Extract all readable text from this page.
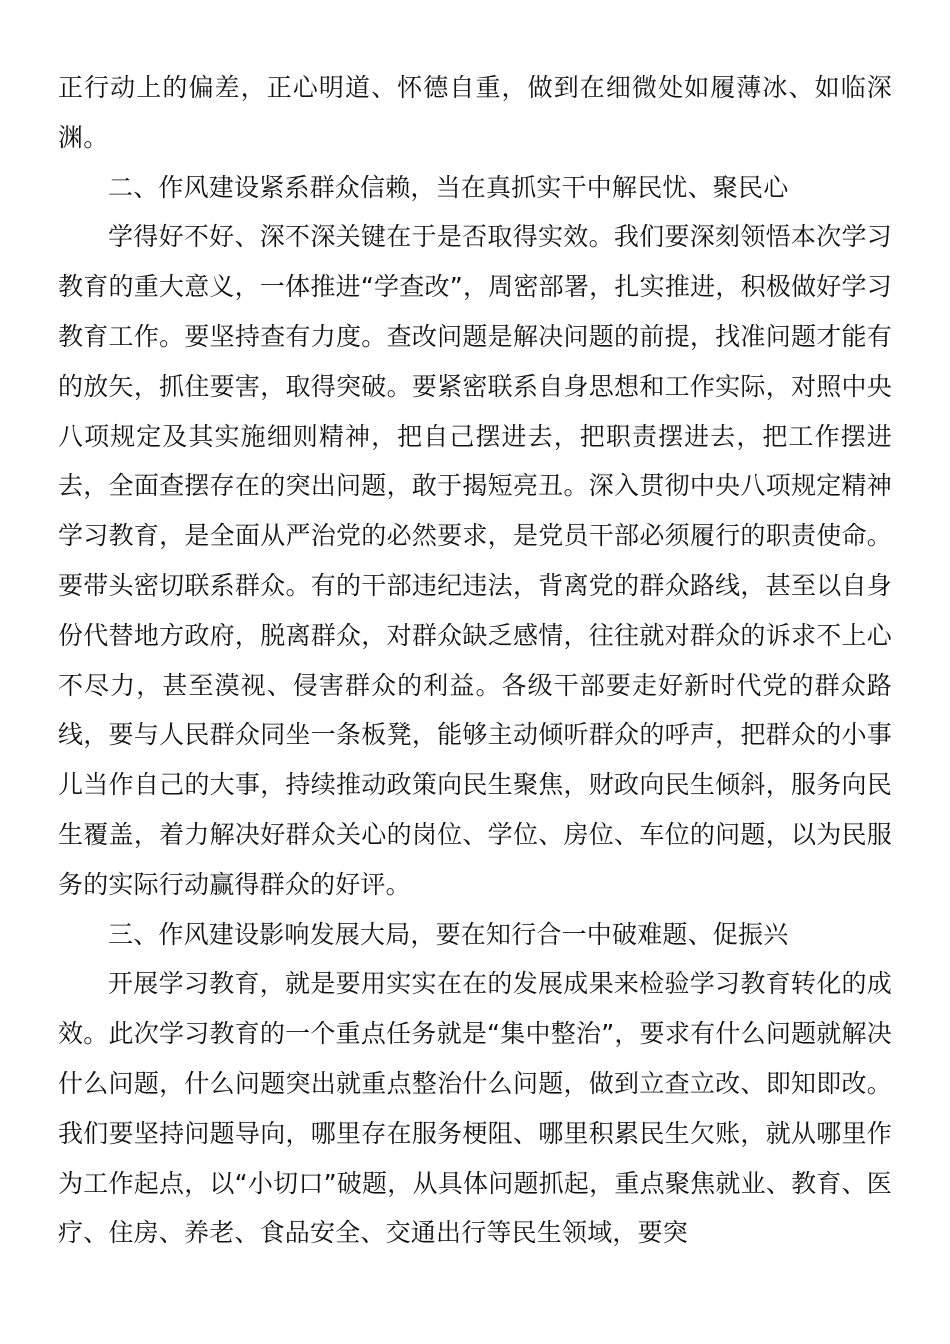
正行动上的偏差，正心明道、怀德自重，做到在细微处如履薄冰、如临深渊。

二、作风建设紧系群众信赖，当在真抓实干中解民忧、聚民心

学得好不好、深不深关键在于是否取得实效。我们要深刻领悟本次学习教育的重大意义，一体推进“学查改”，周密部署，扎实推进，积极做好学习教育工作。要坚持查有力度。查改问题是解决问题的前提，找准问题才能有的放矢，抓住要害，取得突破。要紧密联系自身思想和工作实际，对照中央八项规定及其实施细则精神，把自己摆进去，把职责摆进去，把工作摆进去，全面查摆存在的突出问题，敢于揭短亮丑。深入贯彻中央八项规定精神学习教育，是全面从严治党的必然要求，是党员干部必须履行的职责使命。要带头密切联系群众。有的干部违纪违法，背离党的群众路线，甚至以自身份代替地方政府，脱离群众，对群众缺乏感情，往往就对群众的诉求不上心不尽力，甚至漠视、侵害群众的利益。各级干部要走好新时代党的群众路线，要与人民群众同坐一条板凳，能够主动倾听群众的呼声，把群众的小事儿当作自己的大事，持续推动政策向民生聚焦，财政向民生倾斜，服务向民生覆盖，着力解决好群众关心的岗位、学位、房位、车位的问题，以为民服务的实际行动赢得群众的好评。

三、作风建设影响发展大局，要在知行合一中破难题、促振兴

开展学习教育，就是要用实实在在的发展成果来检验学习教育转化的成效。此次学习教育的一个重点任务就是“集中整治”，要求有什么问题就解决什么问题，什么问题突出就重点整治什么问题，做到立查立改、即知即改。我们要坚持问题导向，哪里存在服务梗阻、哪里积累民生欠账，就从哪里作为工作起点，以“小切口”破题，从具体问题抓起，重点聚焦就业、教育、医疗、住房、养老、食品安全、交通出行等民生领域，要突
